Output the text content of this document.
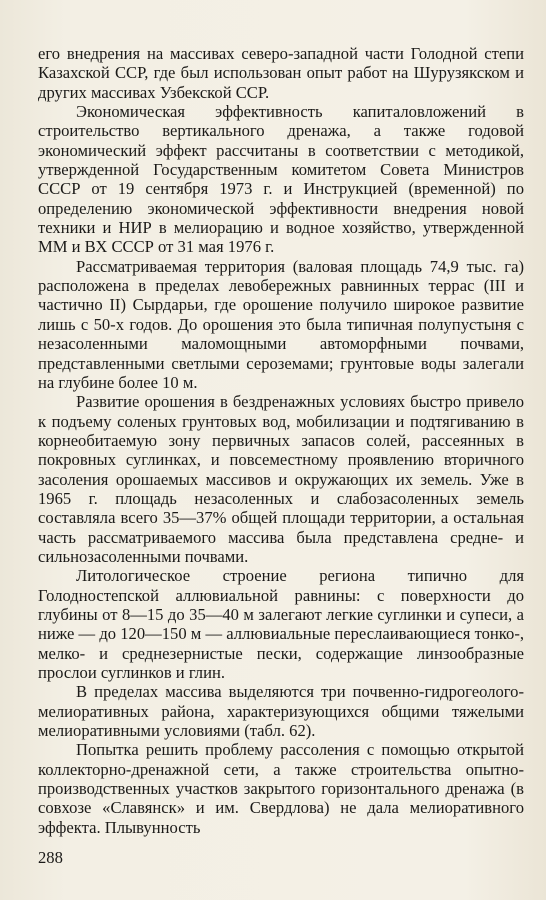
его внедрения на массивах северо-западной части Голодной степи Казахской ССР, где был использован опыт работ на Шурузякском и других массивах Узбекской ССР.

Экономическая эффективность капиталовложений в строительство вертикального дренажа, а также годовой экономический эффект рассчитаны в соответствии с методикой, утвержденной Государственным комитетом Совета Министров СССР от 19 сентября 1973 г. и Инструкцией (временной) по определению экономической эффективности внедрения новой техники и НИР в мелиорацию и водное хозяйство, утвержденной ММ и ВХ СССР от 31 мая 1976 г.

Рассматриваемая территория (валовая площадь 74,9 тыс. га) расположена в пределах левобережных равнинных террас (III и частично II) Сырдарьи, где орошение получило широкое развитие лишь с 50-х годов. До орошения это была типичная полупустыня с незасоленными маломощными автоморфными почвами, представленными светлыми сероземами; грунтовые воды залегали на глубине более 10 м.

Развитие орошения в бездренажных условиях быстро привело к подъему соленых грунтовых вод, мобилизации и подтягиванию в корнеобитаемую зону первичных запасов солей, рассеянных в покровных суглинках, и повсеместному проявлению вторичного засоления орошаемых массивов и окружающих их земель. Уже в 1965 г. площадь незасоленных и слабозасоленных земель составляла всего 35—37% общей площади территории, а остальная часть рассматриваемого массива была представлена средне- и сильнозасоленными почвами.

Литологическое строение региона типично для Голодностепской аллювиальной равнины: с поверхности до глубины от 8—15 до 35—40 м залегают легкие суглинки и супеси, а ниже — до 120—150 м — аллювиальные переслаивающиеся тонко-, мелко- и среднезернистые пески, содержащие линзообразные прослои суглинков и глин.

В пределах массива выделяются три почвенно-гидрогеолого-мелиоративных района, характеризующихся общими тяжелыми мелиоративными условиями (табл. 62).

Попытка решить проблему рассоления с помощью открытой коллекторно-дренажной сети, а также строительства опытно-производственных участков закрытого горизонтального дренажа (в совхозе «Славянск» и им. Свердлова) не дала мелиоративного эффекта. Плывунность

288
